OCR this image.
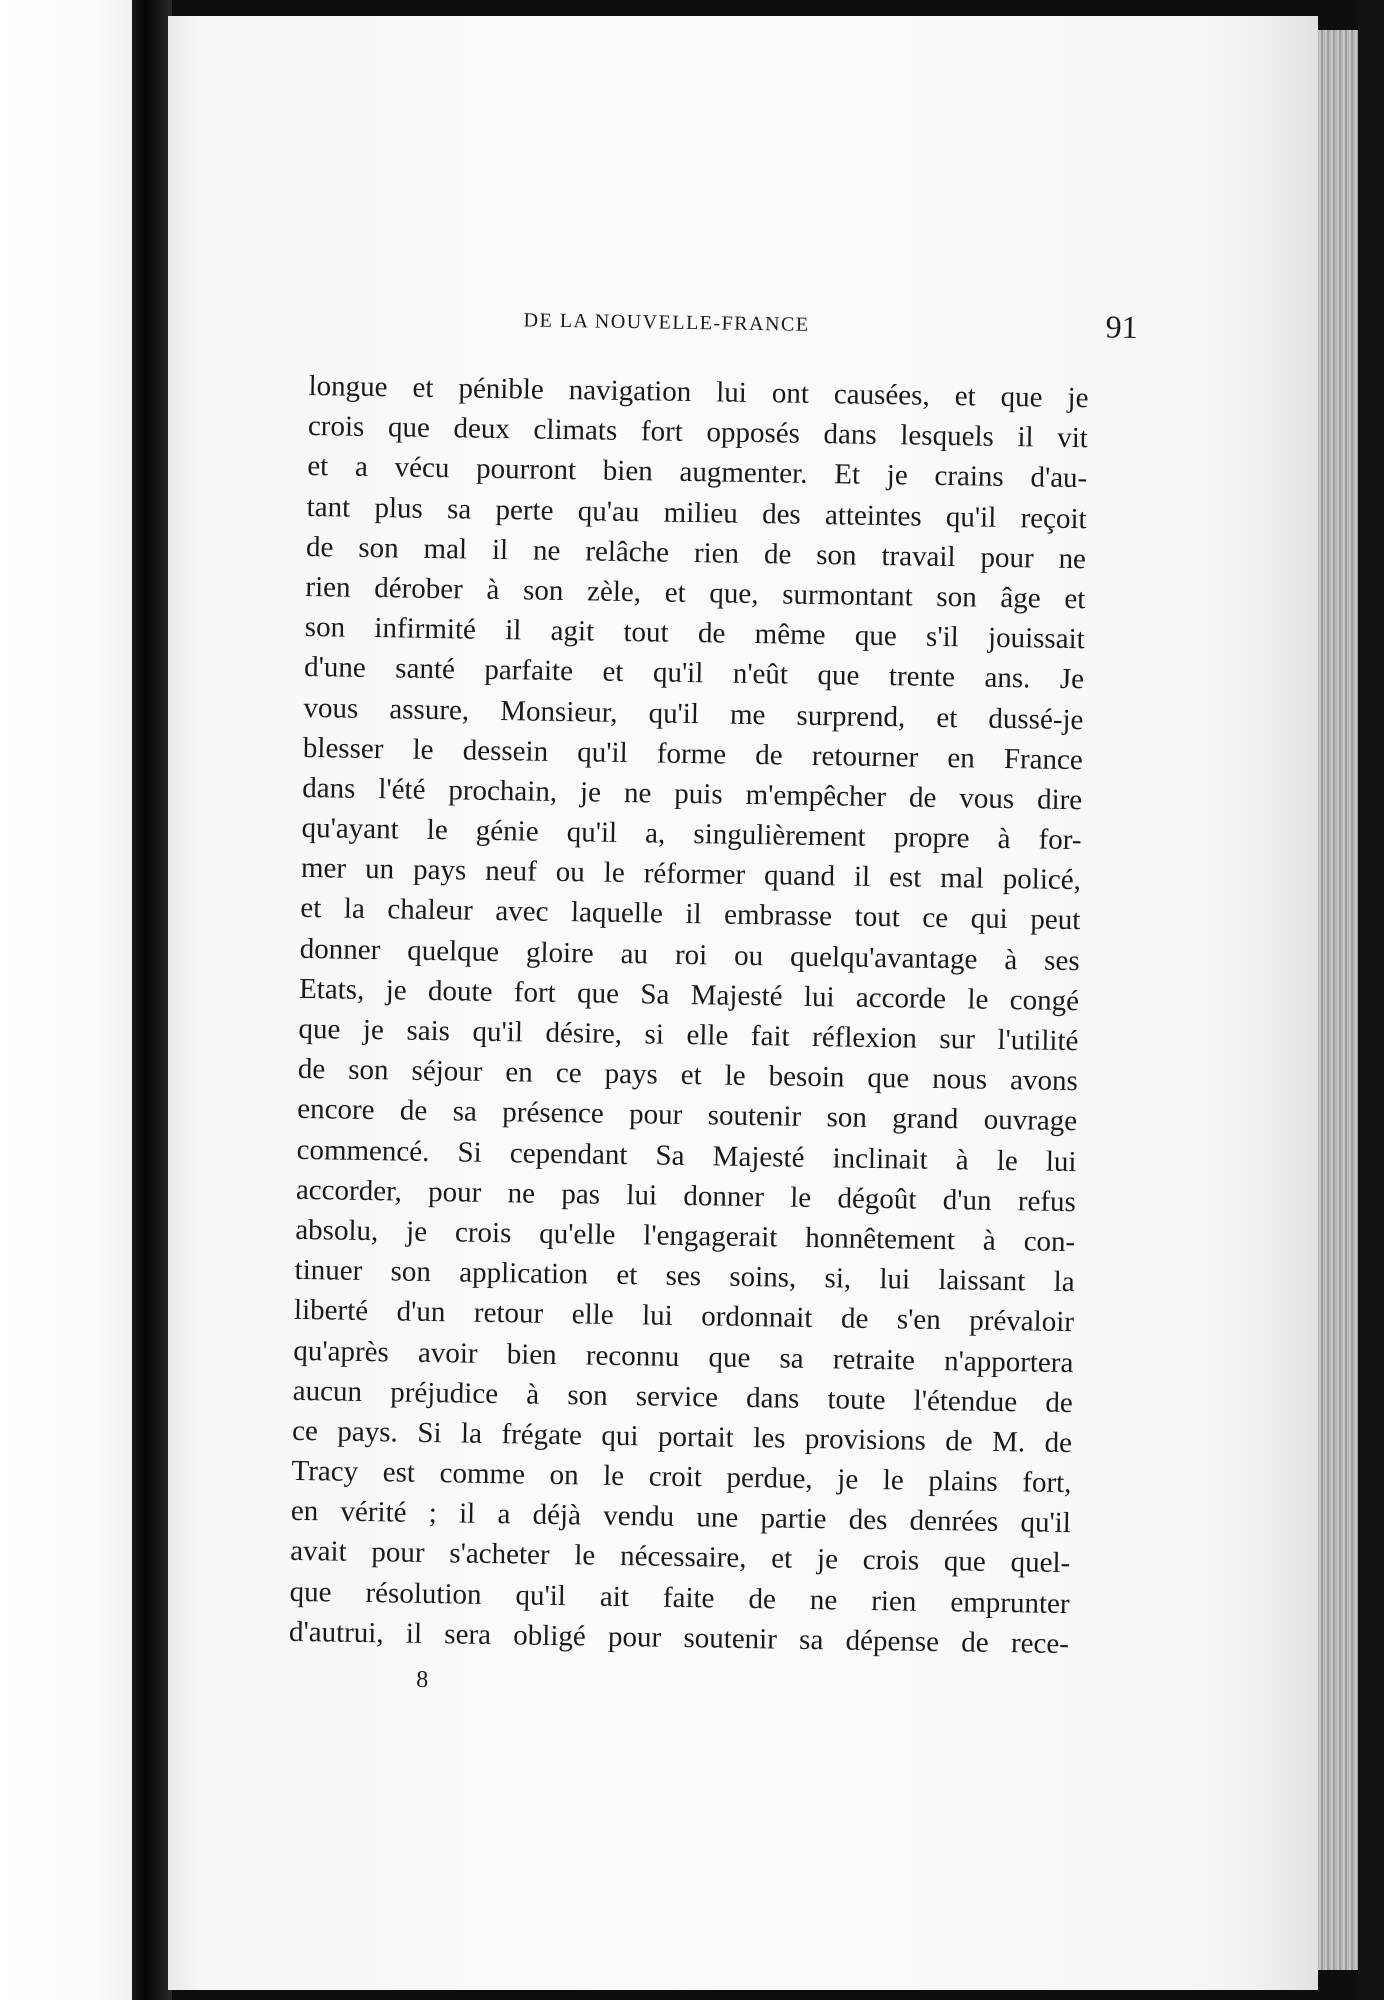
DE LA NOUVELLE-FRANCE	91
longue et pénible navigation lui ont causées, et que je
crois que deux climats fort opposés dans lesquels il vit
et a vécu pourront bien augmenter. Et je crains d'au-
tant plus sa perte qu'au milieu des atteintes qu'il reçoit
de son mal il ne relâche rien de son travail pour ne
rien dérober à son zèle, et que, surmontant son âge et
son infirmité il agit tout de même que s'il jouissait
d'une santé parfaite et qu'il n'eût que trente ans. Je
vous assure, Monsieur, qu'il me surprend, et dussé-je
blesser le dessein qu'il forme de retourner en France
dans l'été prochain, je ne puis m'empêcher de vous dire
qu'ayant le génie qu'il a, singulièrement propre à for-
mer un pays neuf ou le réformer quand il est mal policé,
et la chaleur avec laquelle il embrasse tout ce qui peut
donner quelque gloire au roi ou quelqu'avantage à ses
Etats, je doute fort que Sa Majesté lui accorde le congé
que je sais qu'il désire, si elle fait réflexion sur l'utilité
de son séjour en ce pays et le besoin que nous avons
encore de sa présence pour soutenir son grand ouvrage
commencé. Si cependant Sa Majesté inclinait à le lui
accorder, pour ne pas lui donner le dégoût d'un refus
absolu, je crois qu'elle l'engagerait honnêtement à con-
tinuer son application et ses soins, si, lui laissant la
liberté d'un retour elle lui ordonnait de s'en prévaloir
qu'après avoir bien reconnu que sa retraite n'apportera
aucun préjudice à son service dans toute l'étendue de
ce pays. Si la frégate qui portait les provisions de M. de
Tracy est comme on le croit perdue, je le plains fort,
en vérité ; il a déjà vendu une partie des denrées qu'il
avait pour s'acheter le nécessaire, et je crois que quel-
que résolution qu'il ait faite de ne rien emprunter
d'autrui, il sera obligé pour soutenir sa dépense de rece-
8
